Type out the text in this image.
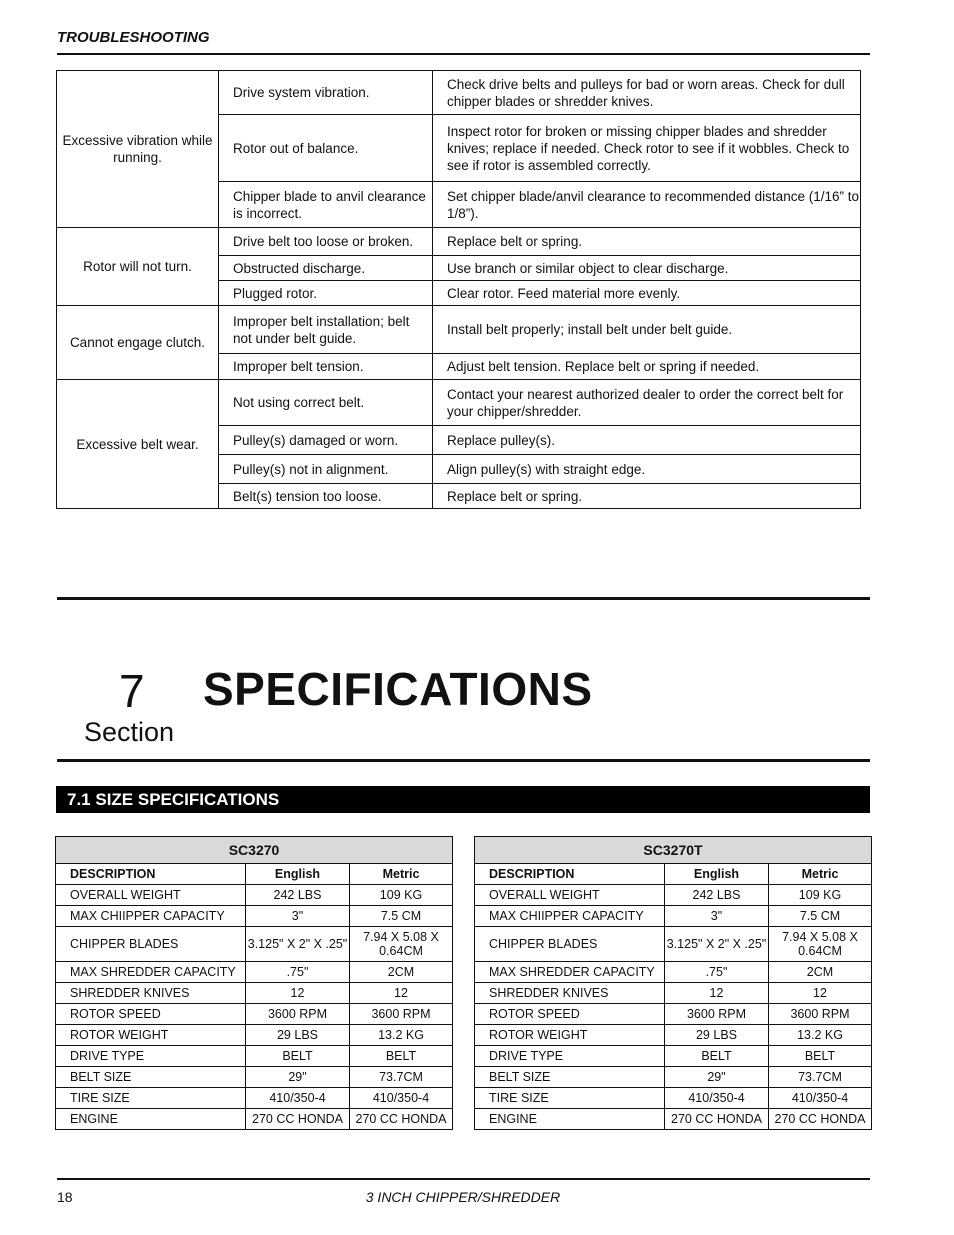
TROUBLESHOOTING
Excessive vibration while running.	Drive system vibration.	Check drive belts and pulleys for bad or worn areas. Check for dull chipper blades or shredder knives.
	Rotor out of balance.	Inspect rotor for broken or missing chipper blades and shredder knives; replace if needed. Check rotor to see if it wobbles. Check to see if rotor is assembled correctly.
	Chipper blade to anvil clearance is incorrect.	Set chipper blade/anvil clearance to recommended distance (1/16” to 1/8”).
Rotor will not turn.	Drive belt too loose or broken.	Replace belt or spring.
	Obstructed discharge.	Use branch or similar object to clear discharge.
	Plugged rotor.	Clear rotor. Feed material more evenly.
Cannot engage clutch.	Improper belt installation; belt not under belt guide.	Install belt properly; install belt under belt guide.
	Improper belt tension.	Adjust belt tension. Replace belt or spring if needed.
Excessive belt wear.	Not using correct belt.	Contact your nearest authorized dealer to order the correct belt for your chipper/shredder.
	Pulley(s) damaged or worn.	Replace pulley(s).
	Pulley(s) not in alignment.	Align pulley(s) with straight edge.
	Belt(s) tension too loose.	Replace belt or spring.
7
Section
SPECIFICATIONS
7.1 SIZE SPECIFICATIONS
SC3270		
DESCRIPTION	English	Metric
OVERALL WEIGHT	242 LBS	109 KG
MAX CHIIPPER CAPACITY	3"	7.5 CM
CHIPPER BLADES	3.125" X 2" X .25"	7.94 X 5.08 X 0.64CM
MAX SHREDDER CAPACITY	.75"	2CM
SHREDDER KNIVES	12	12
ROTOR SPEED	3600 RPM	3600 RPM
ROTOR WEIGHT	29 LBS	13.2 KG
DRIVE TYPE	BELT	BELT
BELT SIZE	29"	73.7CM
TIRE SIZE	410/350-4	410/350-4
ENGINE	270 CC HONDA	270 CC HONDA
SC3270T		
DESCRIPTION	English	Metric
OVERALL WEIGHT	242 LBS	109 KG
MAX CHIIPPER CAPACITY	3"	7.5 CM
CHIPPER BLADES	3.125" X 2" X .25"	7.94 X 5.08 X 0.64CM
MAX SHREDDER CAPACITY	.75"	2CM
SHREDDER KNIVES	12	12
ROTOR SPEED	3600 RPM	3600 RPM
ROTOR WEIGHT	29 LBS	13.2 KG
DRIVE TYPE	BELT	BELT
BELT SIZE	29"	73.7CM
TIRE SIZE	410/350-4	410/350-4
ENGINE	270 CC HONDA	270 CC HONDA
18	3 INCH CHIPPER/SHREDDER
